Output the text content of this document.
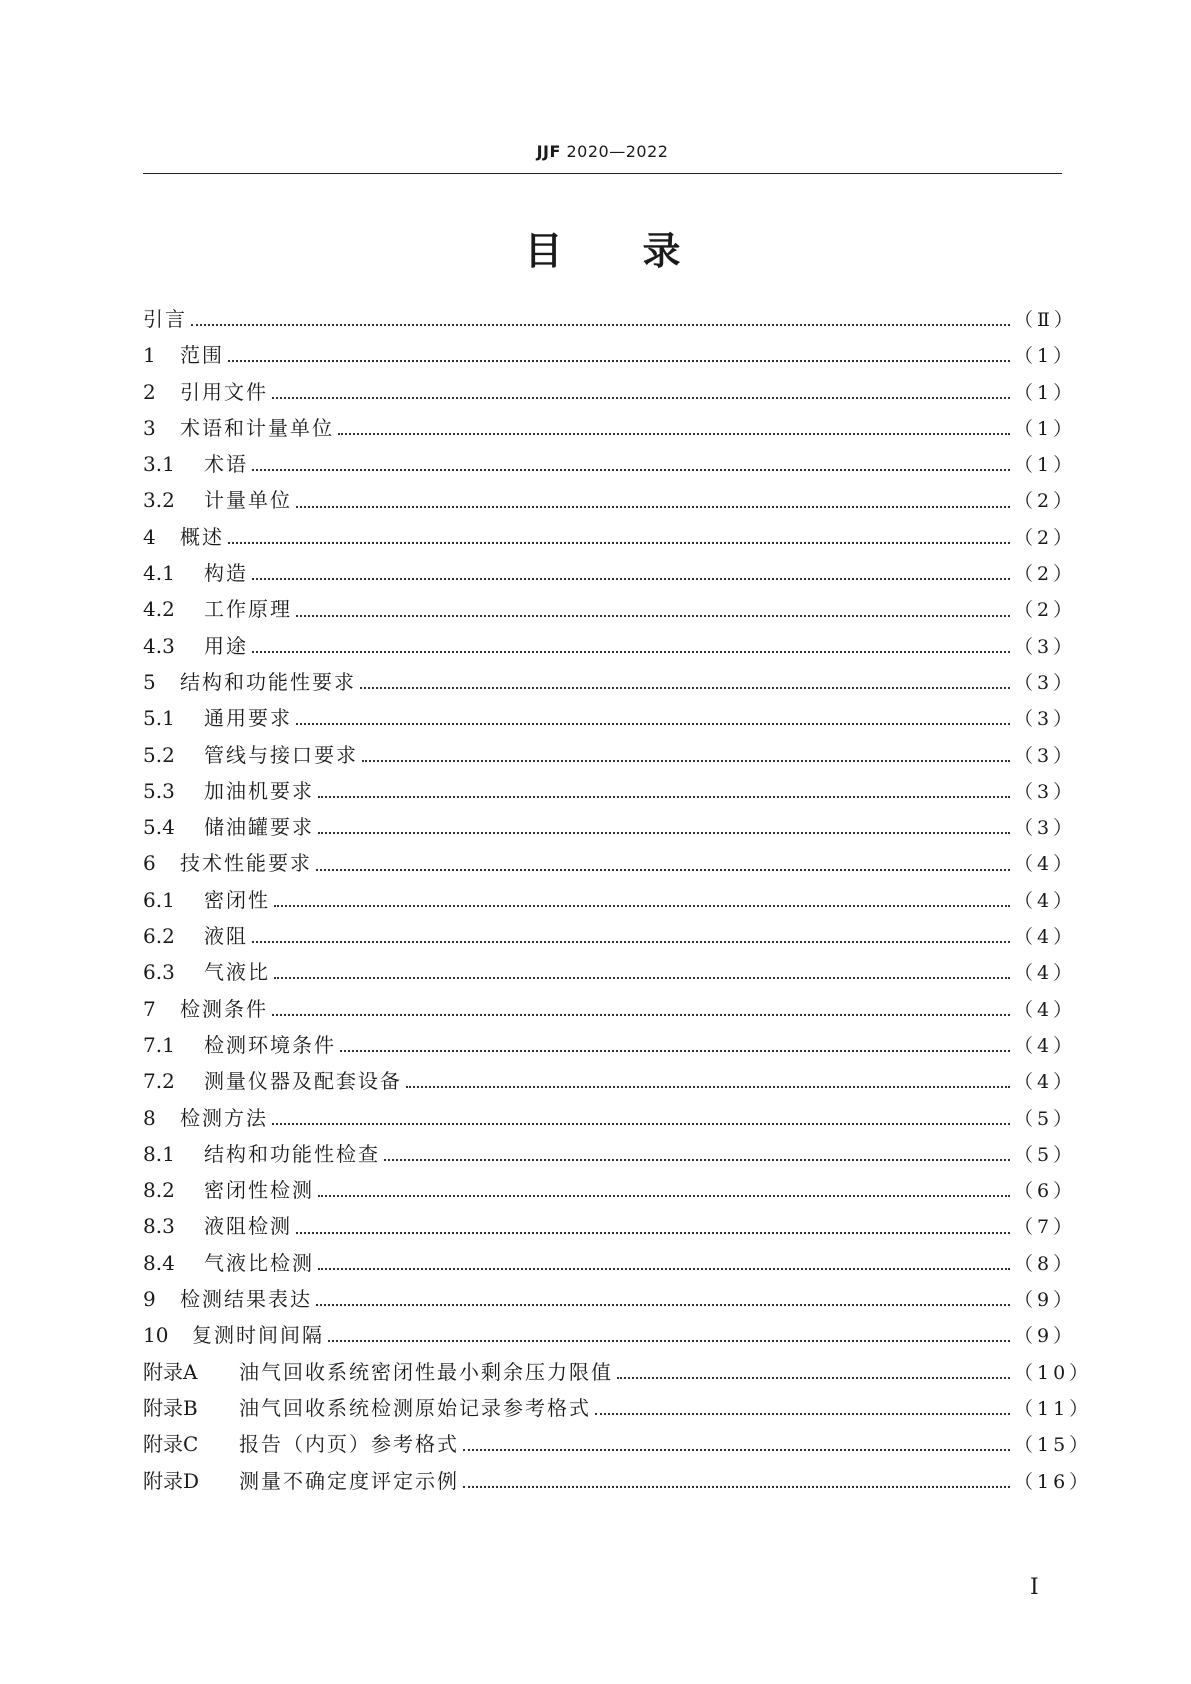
JJF 2020—2022
目录
引言	（Ⅱ）
1	范围	（1）
2	引用文件	（1）
3	术语和计量单位	（1）
3.1	术语	（1）
3.2	计量单位	（2）
4	概述	（2）
4.1	构造	（2）
4.2	工作原理	（2）
4.3	用途	（3）
5	结构和功能性要求	（3）
5.1	通用要求	（3）
5.2	管线与接口要求	（3）
5.3	加油机要求	（3）
5.4	储油罐要求	（3）
6	技术性能要求	（4）
6.1	密闭性	（4）
6.2	液阻	（4）
6.3	气液比	（4）
7	检测条件	（4）
7.1	检测环境条件	（4）
7.2	测量仪器及配套设备	（4）
8	检测方法	（5）
8.1	结构和功能性检查	（5）
8.2	密闭性检测	（6）
8.3	液阻检测	（7）
8.4	气液比检测	（8）
9	检测结果表达	（9）
10	复测时间间隔	（9）
附录A	油气回收系统密闭性最小剩余压力限值	（10）
附录B	油气回收系统检测原始记录参考格式	（11）
附录C	报告（内页）参考格式	（15）
附录D	测量不确定度评定示例	（16）
Ⅰ
